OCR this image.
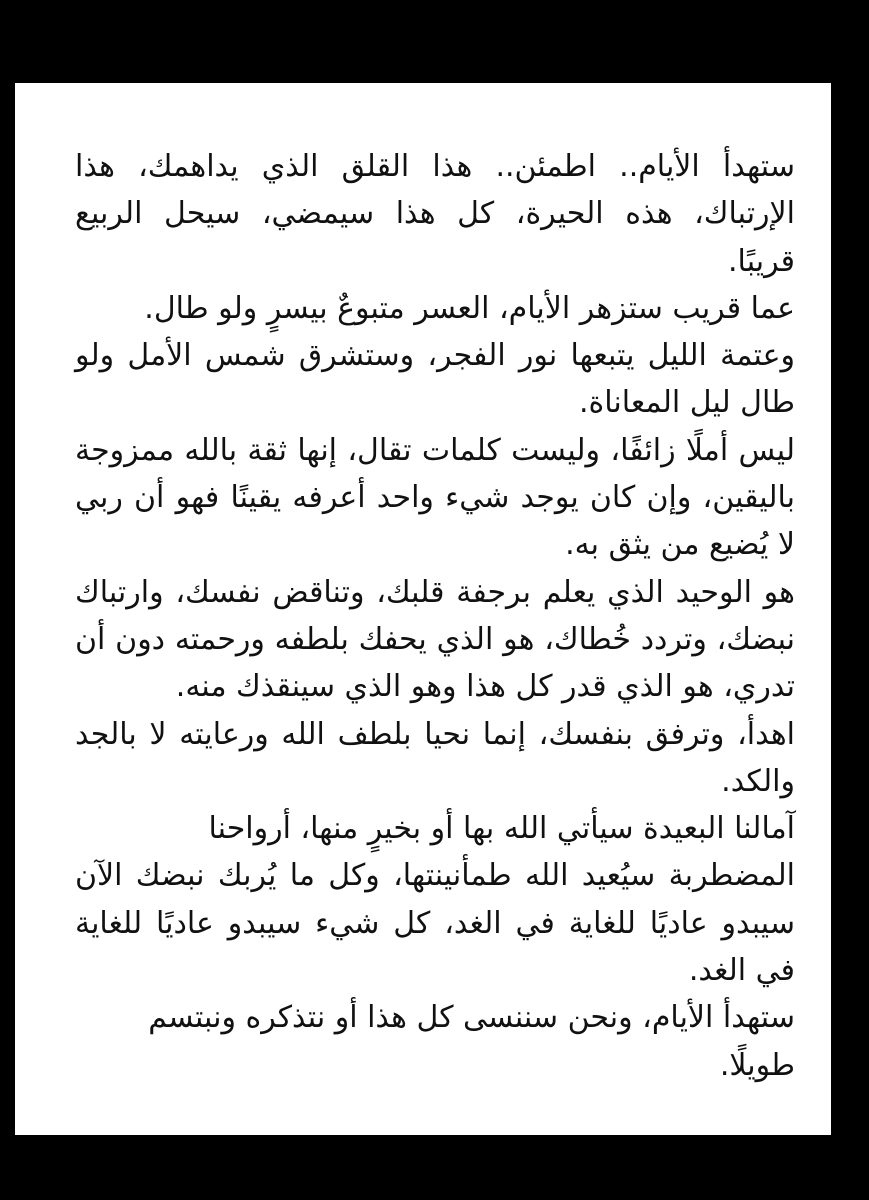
ستهدأ الأيام.. اطمئن.. هذا القلق الذي يداهمك، هذا
الإرتباك، هذه الحيرة، كل هذا سيمضي، سيحل الربيع
قريبًا.
عما قريب ستزهر الأيام، العسر متبوعٌ بيسرٍ ولو طال.
وعتمة الليل يتبعها نور الفجر، وستشرق شمس الأمل ولو
طال ليل المعاناة.
ليس أملًا زائفًا، وليست كلمات تقال، إنها ثقة بالله ممزوجة
باليقين، وإن كان يوجد شيء واحد أعرفه يقينًا فهو أن ربي
لا يُضيع من يثق به.
هو الوحيد الذي يعلم برجفة قلبك، وتناقض نفسك، وارتباك
نبضك، وتردد خُطاك، هو الذي يحفك بلطفه ورحمته دون أن
تدري، هو الذي قدر كل هذا وهو الذي سينقذك منه.
اهدأ، وترفق بنفسك، إنما نحيا بلطف الله ورعايته لا بالجد
والكد.
آمالنا البعيدة سيأتي الله بها أو بخيرٍ منها، أرواحنا
المضطربة سيُعيد الله طمأنينتها، وكل ما يُربك نبضك الآن
سيبدو عاديًا للغاية في الغد، كل شيء سيبدو عاديًا للغاية
في الغد.
ستهدأ الأيام، ونحن سننسى كل هذا أو نتذكره ونبتسم
طويلًا.
